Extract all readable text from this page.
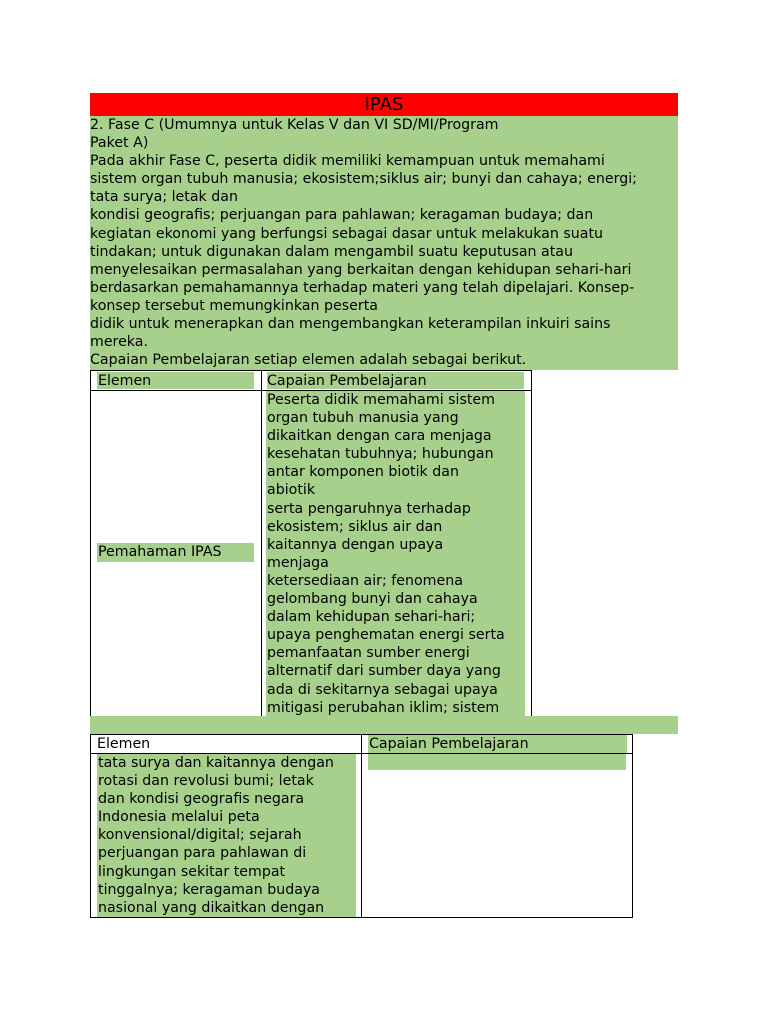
IPAS
2. Fase C (Umumnya untuk Kelas V dan VI SD/MI/Program
Paket A)
Pada akhir Fase C, peserta didik memiliki kemampuan untuk memahami
sistem organ tubuh manusia; ekosistem;siklus air; bunyi dan cahaya; energi;
tata surya; letak dan
kondisi geografis; perjuangan para pahlawan; keragaman budaya; dan
kegiatan ekonomi yang berfungsi sebagai dasar untuk melakukan suatu
tindakan; untuk digunakan dalam mengambil suatu keputusan atau
menyelesaikan permasalahan yang berkaitan dengan kehidupan sehari-hari
berdasarkan pemahamannya terhadap materi yang telah dipelajari. Konsep-
konsep tersebut memungkinkan peserta
didik untuk menerapkan dan mengembangkan keterampilan inkuiri sains
mereka.
Capaian Pembelajaran setiap elemen adalah sebagai berikut.
Elemen	Capaian Pembelajaran
Pemahaman IPAS
Peserta didik memahami sistem
organ tubuh manusia yang
dikaitkan dengan cara menjaga
kesehatan tubuhnya; hubungan
antar komponen biotik dan
abiotik
serta pengaruhnya terhadap
ekosistem; siklus air dan
kaitannya dengan upaya
menjaga
ketersediaan air; fenomena
gelombang bunyi dan cahaya
dalam kehidupan sehari-hari;
upaya penghematan energi serta
pemanfaatan sumber energi
alternatif dari sumber daya yang
ada di sekitarnya sebagai upaya
mitigasi perubahan iklim; sistem
Elemen	Capaian Pembelajaran
tata surya dan kaitannya dengan
rotasi dan revolusi bumi; letak
dan kondisi geografis negara
Indonesia melalui peta
konvensional/digital; sejarah
perjuangan para pahlawan di
lingkungan sekitar tempat
tinggalnya; keragaman budaya
nasional yang dikaitkan dengan
